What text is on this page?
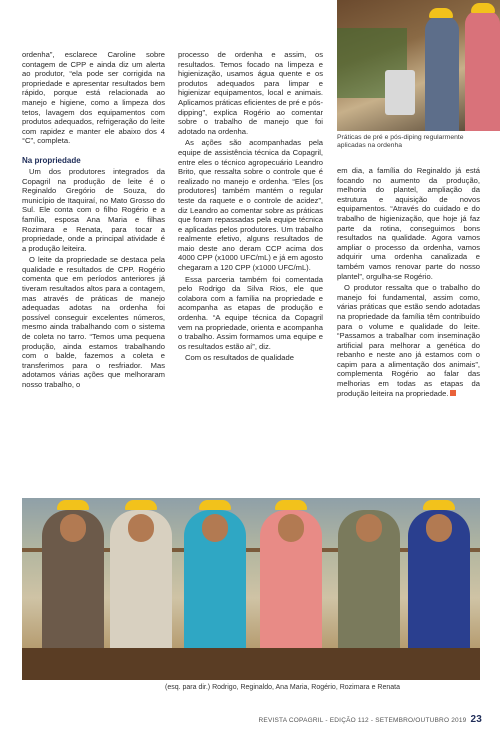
ordenha”, esclarece Caroline sobre contagem de CPP e ainda diz um alerta ao produtor, “ela pode ser corrigida na propriedade e apresentar resultados bem rápido, porque está relacionada ao manejo e higiene, como a limpeza dos tetos, lavagem dos equipamentos com produtos adequados, refrigeração do leite com rapidez e manter ele abaixo dos 4 °C”, completa.

Na propriedade

Um dos produtores integrados da Copagril na produção de leite é o Reginaldo Gregório de Souza, do município de Itaquiraí, no Mato Grosso do Sul. Ele conta com o filho Rogério e a família, esposa Ana Maria e filhas Rozimara e Renata, para tocar a propriedade, onde a principal atividade é a produção leiteira.

O leite da propriedade se destaca pela qualidade e resultados de CPP. Rogério comenta que em períodos anteriores já tiveram resultados altos para a contagem, mas através de práticas de manejo adequadas adotas na ordenha foi possível conseguir excelentes números, mesmo ainda trabalhando com o sistema de coleta no tarro. “Temos uma pequena produção, ainda estamos trabalhando com o balde, fazemos a coleta e transferimos para o resfriador. Mas adotamos várias ações que melhoraram nosso trabalho, o

processo de ordenha e assim, os resultados. Temos focado na limpeza e higienização, usamos água quente e os produtos adequados para limpar e higienizar equipamentos, local e animais. Aplicamos práticas eficientes de pré e pós-dipping”, explica Rogério ao comentar sobre o trabalho de manejo que foi adotado na ordenha.

As ações são acompanhadas pela equipe de assistência técnica da Copagril, entre eles o técnico agropecuário Leandro Brito, que ressalta sobre o controle que é realizado no manejo e ordenha. “Eles [os produtores] também mantém o regular teste da raquete e o controle de acidez”, diz Leandro ao comentar sobre as práticas que foram repassadas pela equipe técnica e aplicadas pelos produtores. Um trabalho realmente efetivo, alguns resultados de maio deste ano deram CCP acima dos 4000 CPP (x1000 UFC/mL) e já em agosto chegaram a 120 CPP (x1000 UFC/mL).

Essa parceria também foi comentada pelo Rodrigo da Silva Rios, ele que colabora com a família na propriedade e acompanha as etapas de produção e ordenha. “A equipe técnica da Copagril vem na propriedade, orienta e acompanha o trabalho. Assim formamos uma equipe e os resultados estão aí”, diz.

Com os resultados de qualidade

Práticas de pré e pós-diping regularmente aplicadas na ordenha

em dia, a família do Reginaldo já está focando no aumento da produção, melhoria do plantel, ampliação da estrutura e aquisição de novos equipamentos. “Através do cuidado e do trabalho de higienização, que hoje já faz parte da rotina, conseguimos bons resultados na qualidade. Agora vamos ampliar o processo da ordenha, vamos adquirir uma ordenha canalizada e também vamos renovar parte do nosso plantel”, orgulha-se Rogério.

O produtor ressalta que o trabalho do manejo foi fundamental, assim como, várias práticas que estão sendo adotadas na propriedade da família têm contribuído para o volume e qualidade do leite. “Passamos a trabalhar com inseminação artificial para melhorar a genética do rebanho e neste ano já estamos com o capim para a alimentação dos animais”, complementa Rogério ao falar das melhorias em todas as etapas da produção leiteira na propriedade.

(esq. para dir.) Rodrigo, Reginaldo, Ana Maria, Rogério, Rozimara e Renata
REVISTA COPAGRIL - EDIÇÃO 112 - SETEMBRO/OUTUBRO 2019 23
